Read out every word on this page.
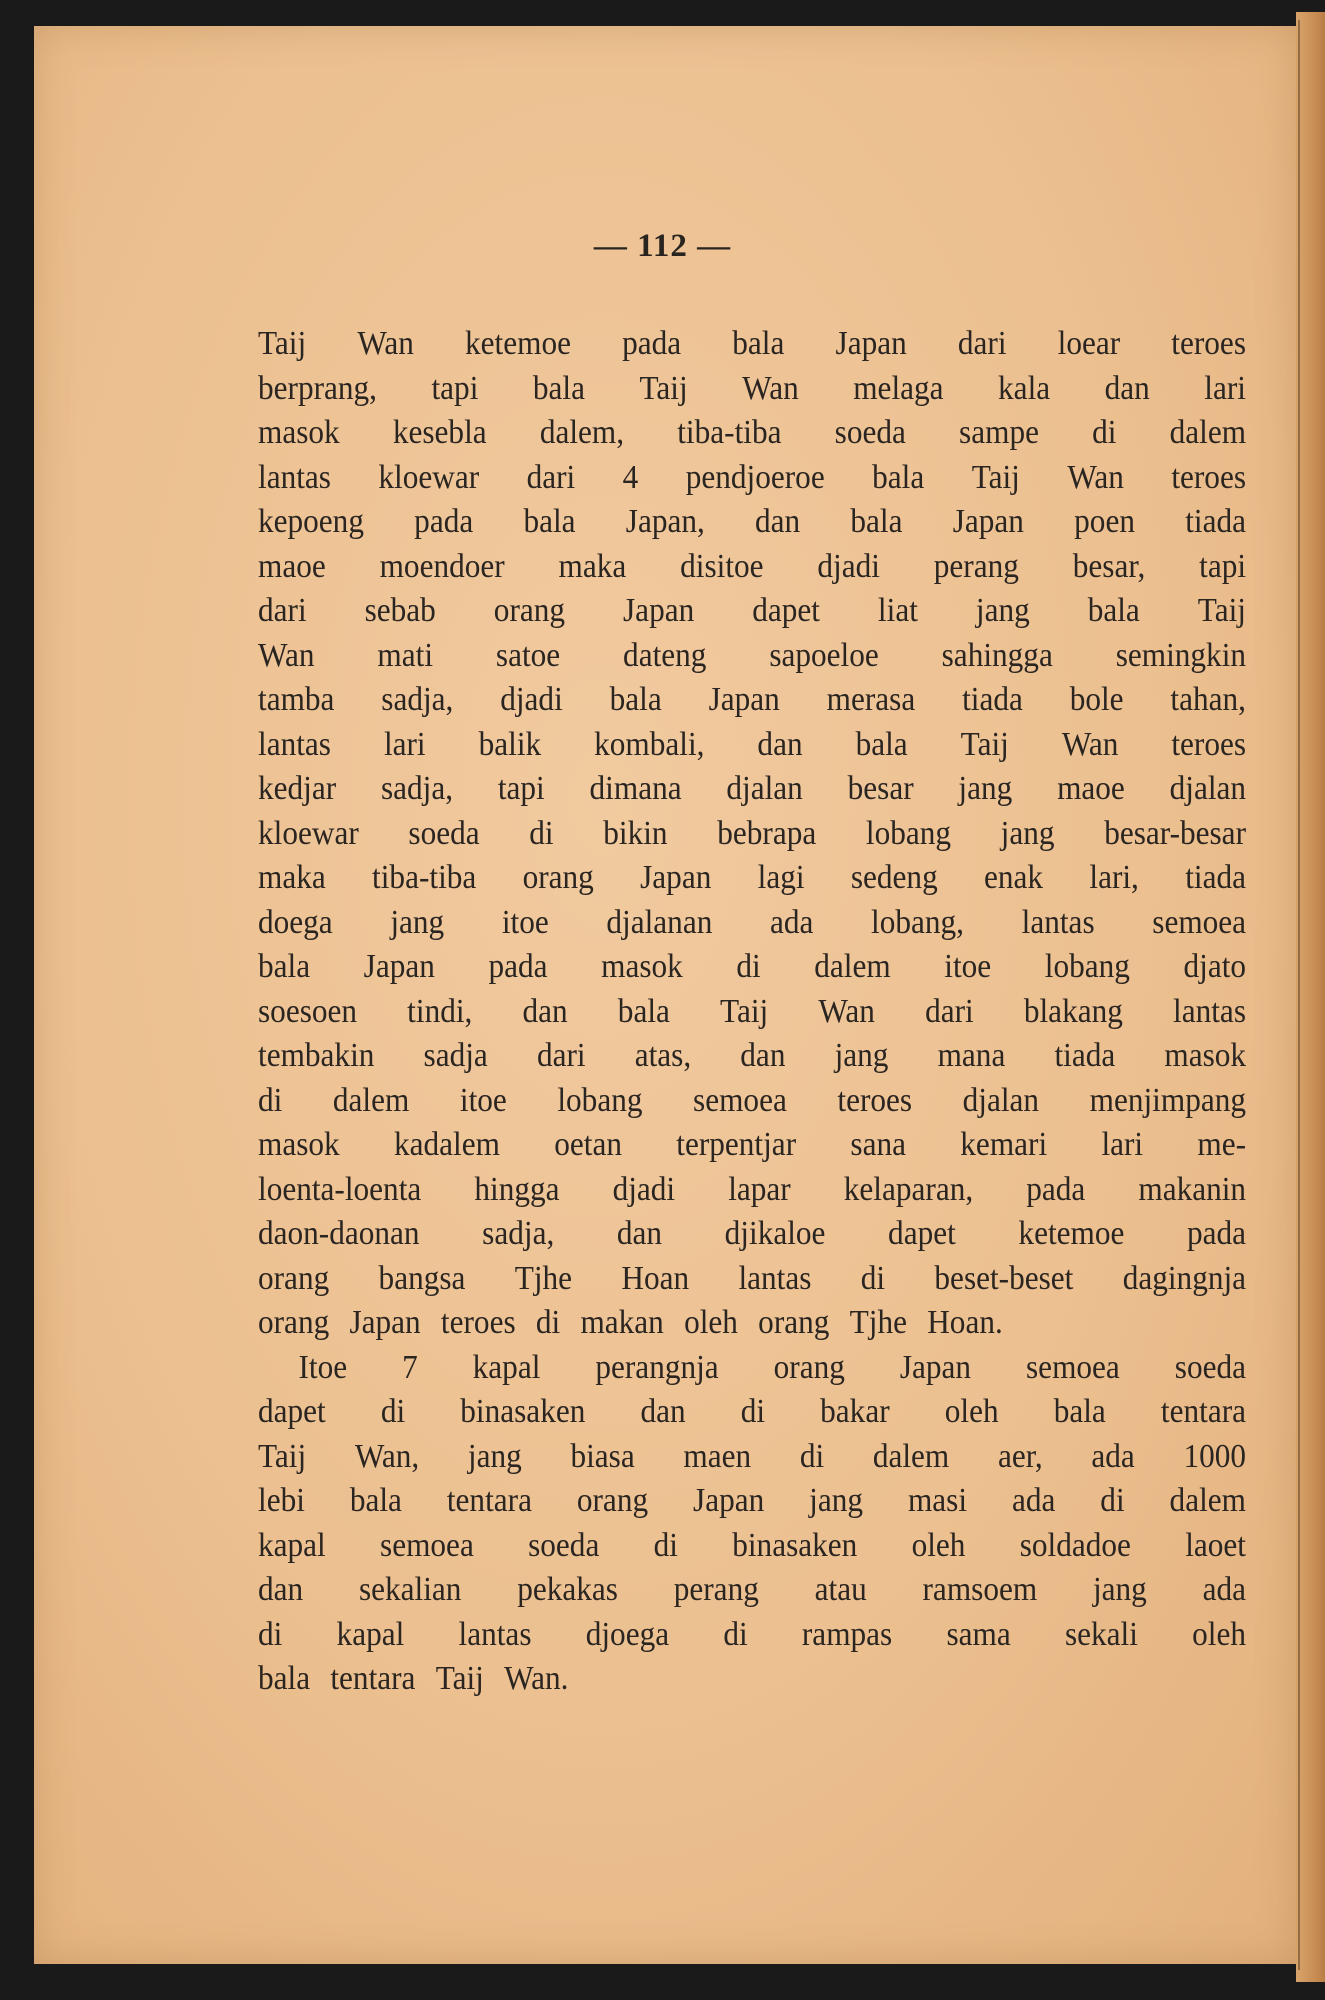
— 112 —
Taij Wan ketemoe pada bala Japan dari loear teroes
berprang, tapi bala Taij Wan melaga kala dan lari
masok kesebla dalem, tiba-tiba soeda sampe di dalem
lantas kloewar dari 4 pendjoeroe bala Taij Wan teroes
kepoeng pada bala Japan, dan bala Japan poen tiada
maoe moendoer maka disitoe djadi perang besar, tapi
dari sebab orang Japan dapet liat jang bala Taij
Wan mati satoe dateng sapoeloe sahingga semingkin
tamba sadja, djadi bala Japan merasa tiada bole tahan,
lantas lari balik kombali, dan bala Taij Wan teroes
kedjar sadja, tapi dimana djalan besar jang maoe djalan
kloewar soeda di bikin bebrapa lobang jang besar-besar
maka tiba-tiba orang Japan lagi sedeng enak lari, tiada
doega jang itoe djalanan ada lobang, lantas semoea
bala Japan pada masok di dalem itoe lobang djato
soesoen tindi, dan bala Taij Wan dari blakang lantas
tembakin sadja dari atas, dan jang mana tiada masok
di dalem itoe lobang semoea teroes djalan menjimpang
masok kadalem oetan terpentjar sana kemari lari me-
loenta-loenta hingga djadi lapar kelaparan, pada makanin
daon-daonan sadja, dan djikaloe dapet ketemoe pada
orang bangsa Tjhe Hoan lantas di beset-beset dagingnja
orang Japan teroes di makan oleh orang Tjhe Hoan.
Itoe 7 kapal perangnja orang Japan semoea soeda
dapet di binasaken dan di bakar oleh bala tentara
Taij Wan, jang biasa maen di dalem aer, ada 1000
lebi bala tentara orang Japan jang masi ada di dalem
kapal semoea soeda di binasaken oleh soldadoe laoet
dan sekalian pekakas perang atau ramsoem jang ada
di kapal lantas djoega di rampas sama sekali oleh
bala tentara Taij Wan.
